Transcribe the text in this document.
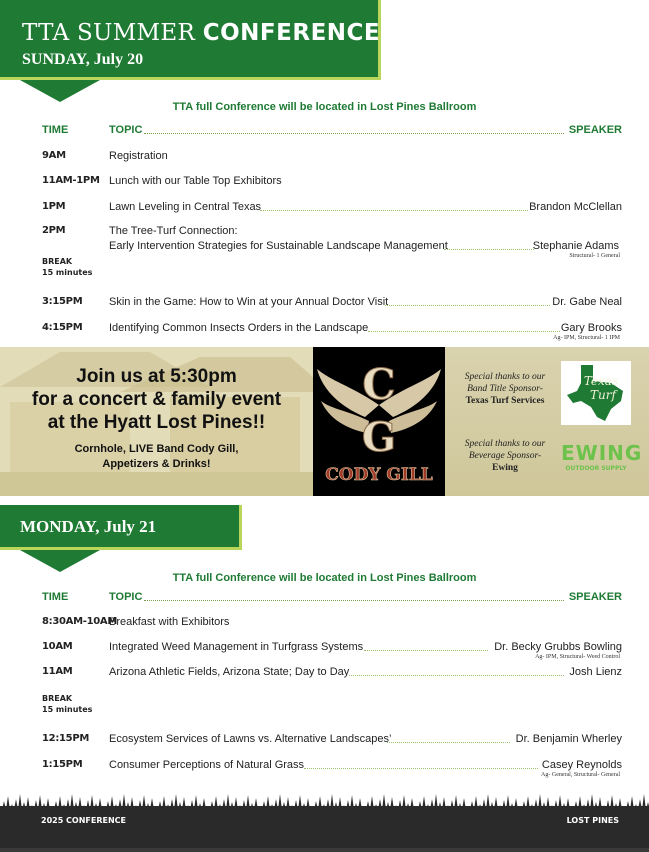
TTA SUMMER CONFERENCE
SUNDAY, July 20
TTA full Conference will be located in Lost Pines Ballroom
TIME	TOPIC	SPEAKER
9AM	Registration
11AM-1PM Lunch with our Table Top Exhibitors
1PM	Lawn Leveling in Central Texas	Brandon McClellan
2PM	The Tree-Turf Connection:
Early Intervention Strategies for Sustainable Landscape Management	Stephanie Adams
Structural- 1 General
BREAK
15 minutes
3:15PM Skin in the Game: How to Win at your Annual Doctor Visit	Dr. Gabe Neal
4:15PM Identifying Common Insects Orders in the Landscape	Gary Brooks
Ag- IPM, Structural- 1 IPM
Join us at 5:30pm
for a concert & family event
at the Hyatt Lost Pines!!
Cornhole, LIVE Band Cody Gill,
Appetizers & Drinks!
C
G
CODY GILL
Special thanks to our
Band Title Sponsor-
Texas Turf Services
Texas
Turf
Special thanks to our
Beverage Sponsor-
Ewing
EWING
OUTDOOR SUPPLY
MONDAY, July 21
TTA full Conference will be located in Lost Pines Ballroom
TIME	TOPIC	SPEAKER
8:30AM-10AM
Breakfast with Exhibitors
10AM	Integrated Weed Management in Turfgrass Systems	Dr. Becky Grubbs Bowling
Ag- IPM, Structural- Weed Control
11AM	Arizona Athletic Fields, Arizona State; Day to Day	Josh Lienz
BREAK
15 minutes
12:15PM Ecosystem Services of Lawns vs. Alternative Landscapes’	Dr. Benjamin Wherley
1:15PM Consumer Perceptions of Natural Grass	Casey Reynolds
Ag- General, Structural- General
2025 CONFERENCE	LOST PINES
